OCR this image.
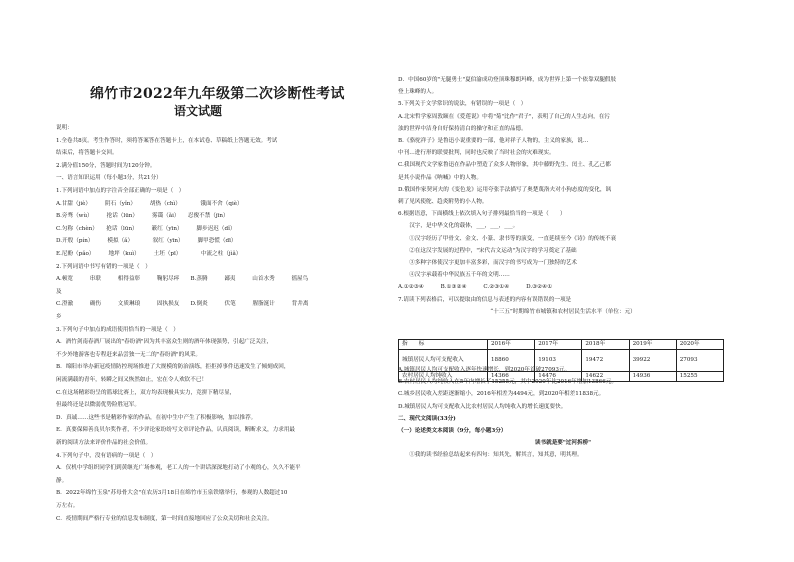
绵竹市2022年九年级第二次诊断性考试
语文试题
说明：
1.全卷共8页。考生作答时，须将答案答在答题卡上，在本试卷、草稿纸上答题无效。考试
结束后，将答题卡交回。
2.满分值150分，答题时间为120分钟。
一、语言知识运用（每小题3分，共21分）
1.下列词语中加点的字注音全部正确的一项是（　）
A.甘甜（jiè）　　　阴石（yǐn）　　　胡热（chì）　　　　饿面不舍（qiè）
B.旁骛（wù）　　　抢话（lūn）　　　雾霭（ǎi）　　忍俊不禁（jīn）
C.匀称（chèn）　　抢话（lūn）　　　簌红（yīn）　　　脚步迟迟（dǐ）
D.开殷（pín）　　　模拟（ǎ）　　　　叙红（yīn）　　　脚甲恐慌（dī）
E.尼酚（pǎo）　　　地坪（kuì）　　　土坯（pī）　　　　中流之柱（jìǎ）
2.下列词语中书写有错的一项是（　）
A.顿宽　　　串联　　　相得益彰　　　鞠躬尽瘁　　B.蒸腾　　　鄙夷　　　山首水秀　　　徭屋鸟
及
C.澄澈　　　确伤　　　文质琳琅　　　固执损友　　D.倒炎　　　伏笔　　　腥脂涎计　　　背井离
乡
3.下列句子中加点的成语使用恰当的一项是（　）
A．酒竹剑南春酒厂展出的"春纷酒"因为其丰富众生则的酒年体现强势，引起广泛关注，
不少外地游客也专程赶来品尝独一无二的"春纷酒"的风采。
B．绵阳市举办新冠疫情防控现场推进了大规模的防治演练，拒拒掉事件迅速发生了倾刻成回，
闲流满载的青年，转瞬之间又恢然如止，宏在令人欢钦不已！
C.在这场精彩纷呈的篮球比赛上，双方均表现极具实力，竞拼下精尽显，
但最终还是以微弱优势险胜冠军。
D．真诚……这些书是精彩作家的作品，在初中生中产生了积极影响，加以推荐。
E．真要保障善良贝尔奖作者，不少评论家纷纷写文章评论作品，认真阅读，断断求义，力求用最
新的阅读方法来评价作品的社会价值。
4.下列句子中，没有语病的一项是（　）
A．仅机中学组织同学们到黄继光广场参观，老工人的一个讲话深深地打动了小观的心，久久不能平
静。
B．2022年绵竹玉泉"苏母骨大会"在农历3月18日在绵竹市玉泉铁墩举行，参观的人数超过10
万左右。
C．疫情期间严格行专业的信息发布制度，第一时间直接地回应了公众关切和社会关注。
D．中国60岁的"无腿勇士"夏伯渝成功登顶珠穆朗玛峰，成为世界上第一个依靠双腿假肢
登上珠峰的人。
5.下列关于文学常识的说法，有错误的一项是（　）
A.北宋哲学家周敦颐在《爱莲说》中将"菊"比作"君子"，表明了自己的人生志向，在污
浊的世界中洁身自好保持清白的操守和正直的品德。
B.《骆驼祥子》是鲁迅小说重要的一部，他对祥子人物的，主义的家族，说…
中刊…进行形的联要批判，同时也反映了当时社会的灾难现实。
C.我国现代文学家鲁迅在作品中塑造了众多人物形象，其中藤野先生、闰土、孔乙己都
是其小说作品《呐喊》中的人物。
D.俄国作家契诃夫的《变色龙》运用夸张手法描写了奥楚蔑洛夫对小狗态度的变化，讽
刺了见风使舵、趋炎附势的小人物。
6.根据语意，下面横线上依次填入句子排列最恰当的一项是（　　）
　　汉字，是中华文化的载体，___，___，___。
　　①汉字经历了甲骨文、金文、小篆、隶书等的演变，一直延续至今《诗》的传统不衰
　　②在这汉字发展的过程中，"宋代古文运动"为汉字的学习奠定了基础
　　③多种字体使汉字更加丰富多彩，而汉字的书写成为一门独特的艺术
　　④汉字承载着中华民族五千年的文明……
A.①②③④　　　B.①③②④　　　C.②③①④　　　D.③②④①
7.请读下列表格后，可以提取由的信息与表述的内容有误错误的一项是
“十三五”时期绵竹市城镇和农村居民生活水平（单位：元）
A.城镇居民人均可支配收入逐年快速增长，到2020年首破27093元。
B.农村居民人均纯收入在5年内增长了15255元，其中2020年比2016年增加13866元。
C.城乡居民收入差距逐渐缩小，2016年相差为4494元，到2020年相差11838元。
D.城镇居民人均可支配收入比农村居民人均纯收入的增长速度要快。
二、现代文阅读(33分)
（一）论述类文本阅读（9分，每小题3分）
读书就是要"过河拆桥"
　　①我的读书经验总结起来有四句：知其先，解其言，知其意，明其理。
指　　标	2016年	2017年	2018年	2019年	2020年
城镇居民人均可支配收入	18860	19103	19472	39922	27093
农村居民人均纯收入	14366	14476	14622	14936	15255
